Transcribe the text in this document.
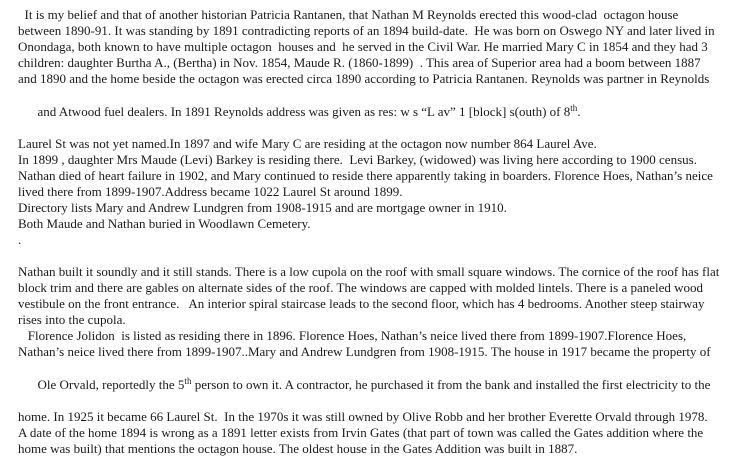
It is my belief and that of another historian Patricia Rantanen, that Nathan M Reynolds erected this wood-clad  octagon house
between 1890-91. It was standing by 1891 contradicting reports of an 1894 build-date.  He was born on Oswego NY and later lived in
Onondaga, both known to have multiple octagon  houses and  he served in the Civil War. He married Mary C in 1854 and they had 3
children: daughter Burtha A., (Bertha) in Nov. 1854, Maude R. (1860-1899)  . This area of Superior area had a boom between 1887
and 1890 and the home beside the octagon was erected circa 1890 according to Patricia Rantanen. Reynolds was partner in Reynolds

and Atwood fuel dealers. In 1891 Reynolds address was given as res: w s “L av” 1 [block] s(outh) of 8th.

Laurel St was not yet named.In 1897 and wife Mary C are residing at the octagon now number 864 Laurel Ave.
In 1899 , daughter Mrs Maude (Levi) Barkey is residing there.  Levi Barkey, (widowed) was living here according to 1900 census.
Nathan died of heart failure in 1902, and Mary continued to reside there apparently taking in boarders. Florence Hoes, Nathan’s neice
lived there from 1899-1907.Address became 1022 Laurel St around 1899.
Directory lists Mary and Andrew Lundgren from 1908-1915 and are mortgage owner in 1910.
Both Maude and Nathan buried in Woodlawn Cemetery.
.
Nathan built it soundly and it still stands. There is a low cupola on the roof with small square windows. The cornice of the roof has flat
block trim and there are gables on alternate sides of the roof. The windows are capped with molded lintels. There is a paneled wood
vestibule on the front entrance.   An interior spiral staircase leads to the second floor, which has 4 bedrooms. Another steep stairway
rises into the cupola.
Florence Jolidon  is listed as residing there in 1896. Florence Hoes, Nathan’s neice lived there from 1899-1907.Florence Hoes,
Nathan’s neice lived there from 1899-1907..Mary and Andrew Lundgren from 1908-1915. The house in 1917 became the property of

Ole Orvald, reportedly the 5th person to own it. A contractor, he purchased it from the bank and installed the first electricity to the

home. In 1925 it became 66 Laurel St.  In the 1970s it was still owned by Olive Robb and her brother Everette Orvald through 1978.
A date of the home 1894 is wrong as a 1891 letter exists from Irvin Gates (that part of town was called the Gates addition where the
home was built) that mentions the octagon house. The oldest house in the Gates Addition was built in 1887.
